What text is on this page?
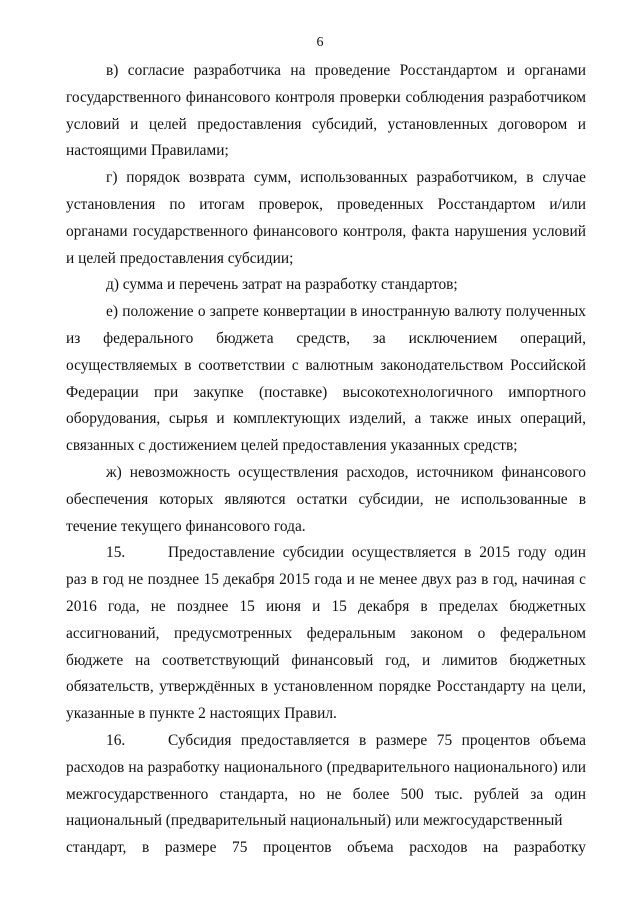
6

в) согласие разработчика на проведение Росстандартом и органами государственного финансового контроля проверки соблюдения разработчиком условий и целей предоставления субсидий, установленных договором и настоящими Правилами;

г) порядок возврата сумм, использованных разработчиком, в случае установления по итогам проверок, проведенных Росстандартом и/или органами государственного финансового контроля, факта нарушения условий и целей предоставления субсидии;

д) сумма и перечень затрат на разработку стандартов;

е) положение о запрете конвертации в иностранную валюту полученных из федерального бюджета средств, за исключением операций, осуществляемых в соответствии с валютным законодательством Российской Федерации при закупке (поставке) высокотехнологичного импортного оборудования, сырья и комплектующих изделий, а также иных операций, связанных с достижением целей предоставления указанных средств;

ж) невозможность осуществления расходов, источником финансового обеспечения которых являются остатки субсидии, не использованные в течение текущего финансового года.

15.	Предоставление субсидии осуществляется в 2015 году один раз в год не позднее 15 декабря 2015 года и не менее двух раз в год, начиная с 2016 года, не позднее 15 июня и 15 декабря в пределах бюджетных ассигнований, предусмотренных федеральным законом о федеральном бюджете на соответствующий финансовый год, и лимитов бюджетных обязательств, утверждённых в установленном порядке Росстандарту на цели, указанные в пункте 2 настоящих Правил.

16.	Субсидия предоставляется в размере 75 процентов объема расходов на разработку национального (предварительного национального) или межгосударственного стандарта, но не более 500 тыс. рублей за один национальный (предварительный национальный) или межгосударственный

стандарт, в размере 75 процентов объема расходов на разработку
